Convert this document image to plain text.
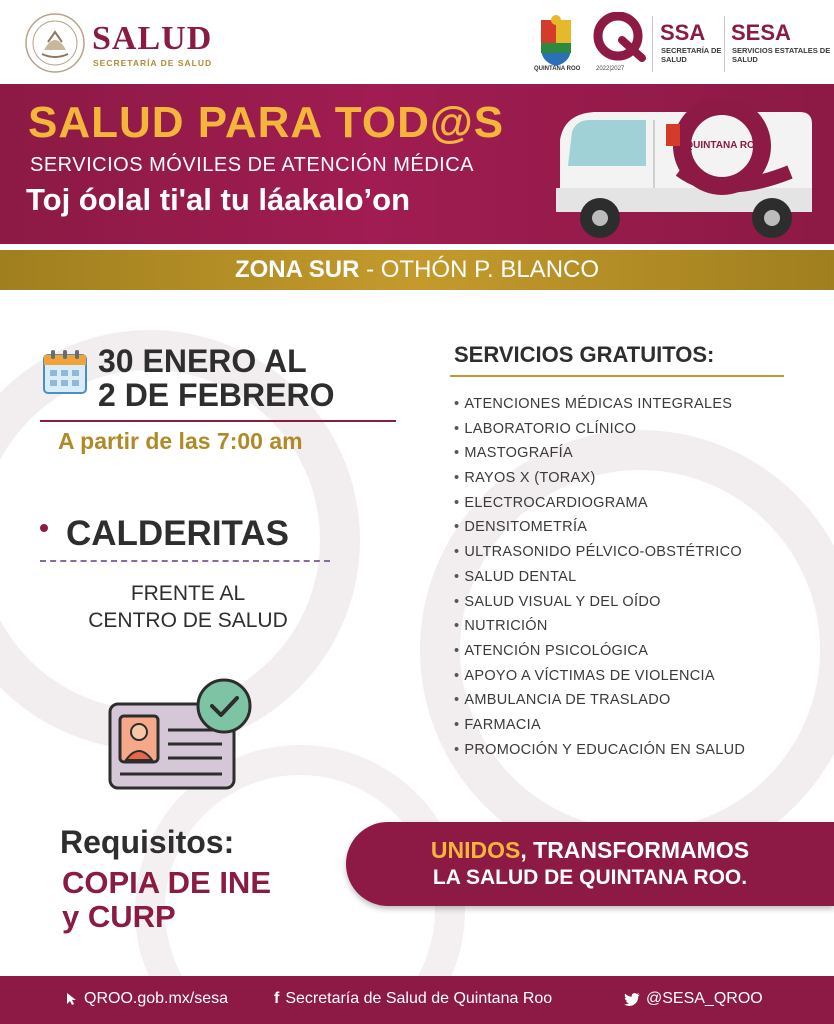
SALUD
SECRETARÍA DE SALUD
QUINTANA ROO	2022|2027
SSA
SECRETARÍA DE SALUD
SESA
SERVICIOS ESTATALES DE SALUD
SALUD PARA TOD@S
SERVICIOS MÓVILES DE ATENCIÓN MÉDICA
Toj óolal ti'al tu láakalo’on
QUINTANA ROO
ZONA SUR - OTHÓN P. BLANCO
30 ENERO AL
2 DE FEBRERO
A partir de las 7:00 am
CALDERITAS
FRENTE AL
CENTRO DE SALUD
Requisitos:
COPIA DE INE
y CURP
SERVICIOS GRATUITOS:
• ATENCIONES MÉDICAS INTEGRALES
• LABORATORIO CLÍNICO
• MASTOGRAFÍA
• RAYOS X (TORAX)
• ELECTROCARDIOGRAMA
• DENSITOMETRÍA
• ULTRASONIDO PÉLVICO-OBSTÉTRICO
• SALUD DENTAL
• SALUD VISUAL Y DEL OÍDO
• NUTRICIÓN
• ATENCIÓN PSICOLÓGICA
• APOYO A VÍCTIMAS DE VIOLENCIA
• AMBULANCIA DE TRASLADO
• FARMACIA
• PROMOCIÓN Y EDUCACIÓN EN SALUD
UNIDOS, TRANSFORMAMOS
LA SALUD DE QUINTANA ROO.
QROO.gob.mx/sesa	f Secretaría de Salud de Quintana Roo	@SESA_QROO
